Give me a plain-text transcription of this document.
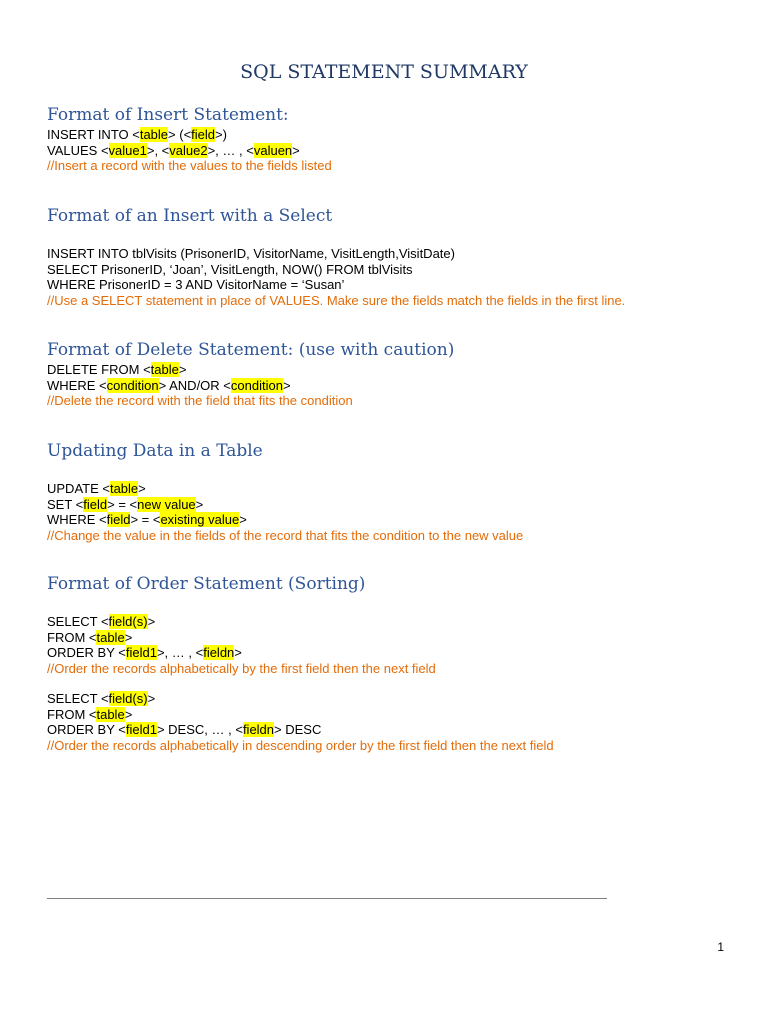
SQL STATEMENT SUMMARY
Format of Insert Statement:
INSERT INTO <table> (<field>)
VALUES <value1>, <value2>, … , <valuen>
//Insert a record with the values to the fields listed
Format of an Insert with a Select
INSERT INTO tblVisits (PrisonerID, VisitorName, VisitLength,VisitDate)
SELECT PrisonerID, ‘Joan’, VisitLength, NOW() FROM tblVisits
WHERE PrisonerID = 3 AND VisitorName = ‘Susan’
//Use a SELECT statement in place of VALUES. Make sure the fields match the fields in the first line.
Format of Delete Statement: (use with caution)
DELETE FROM <table>
WHERE <condition> AND/OR <condition>
//Delete the record with the field that fits the condition
Updating Data in a Table
UPDATE <table>
SET <field> = <new value>
WHERE <field> = <existing value>
//Change the value in the fields of the record that fits the condition to the new value
Format of Order Statement (Sorting)
SELECT <field(s)>
FROM <table>
ORDER BY <field1>, … , <fieldn>
//Order the records alphabetically by the first field then the next field
SELECT <field(s)>
FROM <table>
ORDER BY <field1> DESC, … , <fieldn> DESC
//Order the records alphabetically in descending order by the first field then the next field
1
